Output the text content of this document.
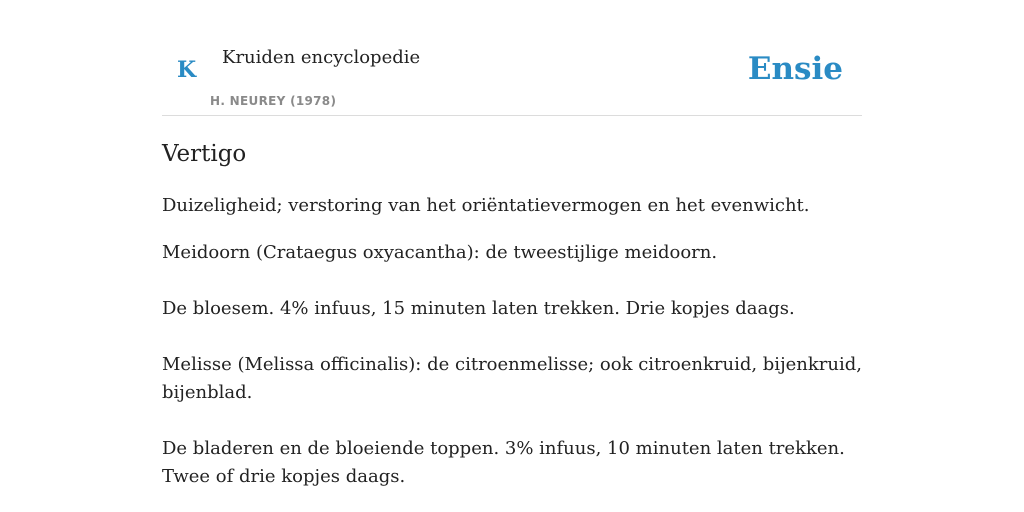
K Kruiden encyclopedie
H. NEUREY (1978)
Ensie
Vertigo

Duizeligheid; verstoring van het oriëntatievermogen en het evenwicht.

Meidoorn (Crataegus oxyacantha): de tweestijlige meidoorn.

De bloesem. 4% infuus, 15 minuten laten trekken. Drie kopjes daags.

Melisse (Melissa officinalis): de citroenmelisse; ook citroenkruid, bijenkruid, bijenblad.

De bladeren en de bloeiende toppen. 3% infuus, 10 minuten laten trekken. Twee of drie kopjes daags.
